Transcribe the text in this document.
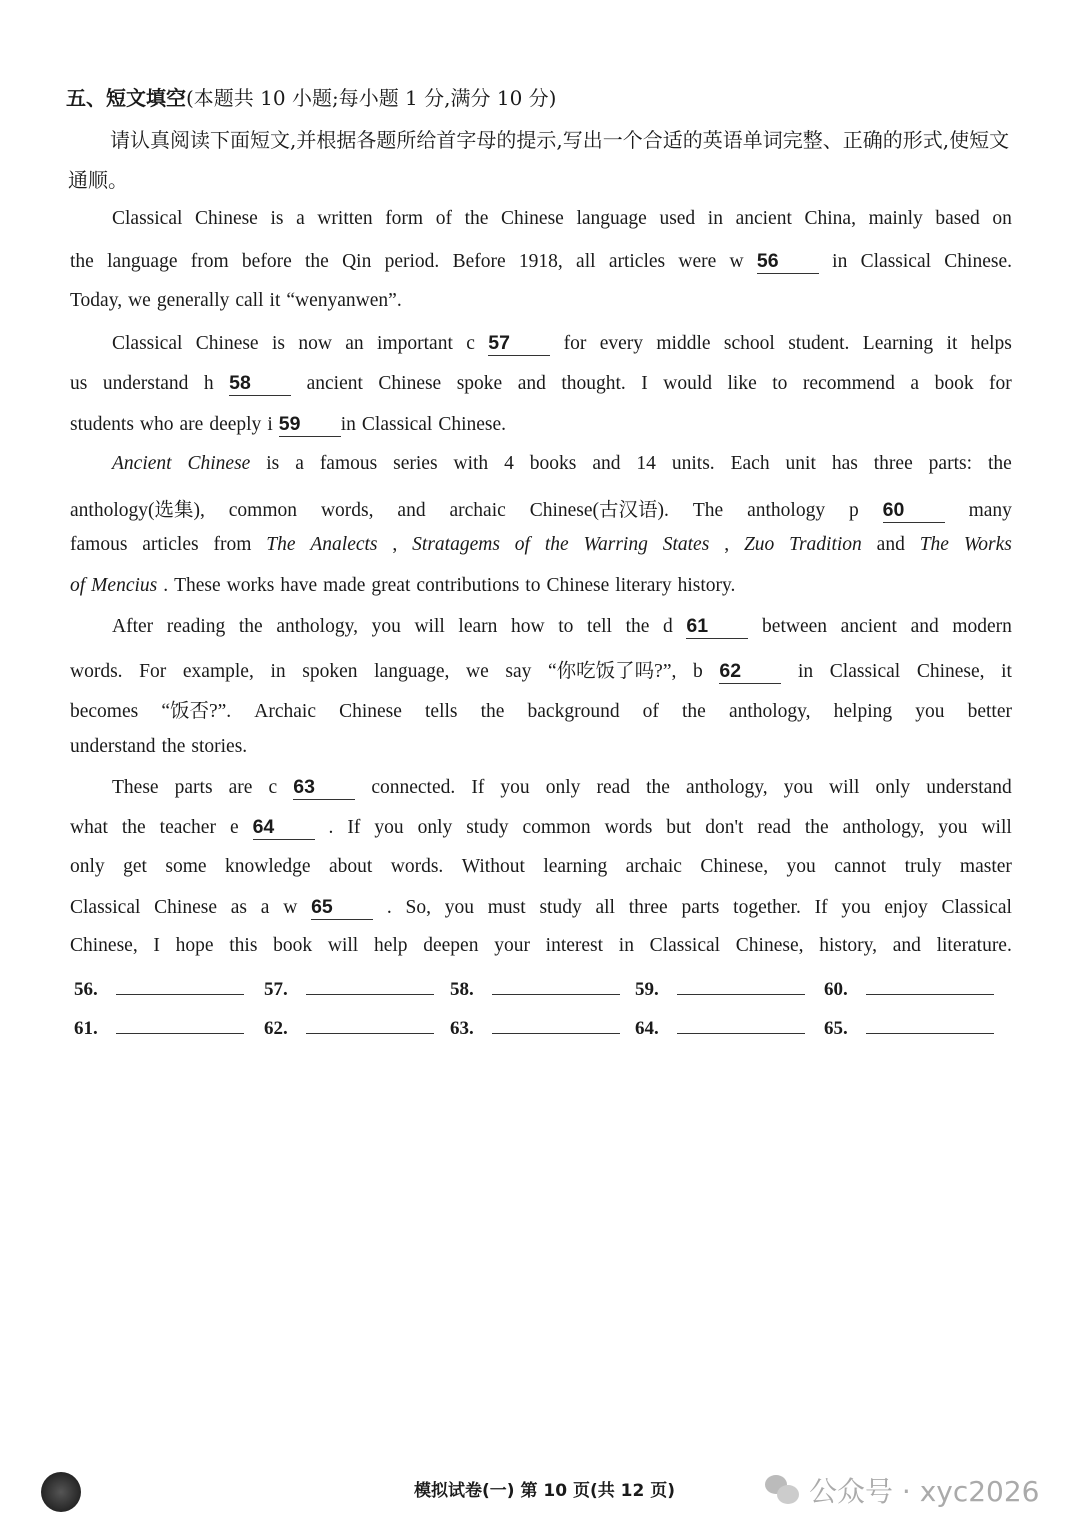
五、短文填空(本题共 10 小题;每小题 1 分,满分 10 分)
请认真阅读下面短文,并根据各题所给首字母的提示,写出一个合适的英语单词完整、正确的形式,使短文通顺。
Classical Chinese is a written form of the Chinese language used in ancient China, mainly based on
the language from before the Qin period. Before 1918, all articles were w 56	in Classical Chinese.
Today, we generally call it “wenyanwen”.
Classical Chinese is now an important c 57	for every middle school student. Learning it helps
us understand h 58	ancient Chinese spoke and thought. I would like to recommend a book for
students who are deeply i 59	in Classical Chinese.
Ancient Chinese is a famous series with 4 books and 14 units. Each unit has three parts: the
anthology(选集), common words, and archaic Chinese(古汉语). The anthology p 60	many
famous articles from The Analects , Stratagems of the Warring States , Zuo Tradition and The Works
of Mencius . These works have made great contributions to Chinese literary history.
After reading the anthology, you will learn how to tell the d 61	between ancient and modern
words. For example, in spoken language, we say “你吃饭了吗?”, b 62	in Classical Chinese, it
becomes “饭否?”. Archaic Chinese tells the background of the anthology, helping you better
understand the stories.
These parts are c 63	connected. If you only read the anthology, you will only understand
what the teacher e 64	. If you only study common words but don't read the anthology, you will
only get some knowledge about words. Without learning archaic Chinese, you cannot truly master
Classical Chinese as a w 65	. So, you must study all three parts together. If you enjoy Classical
Chinese, I hope this book will help deepen your interest in Classical Chinese, history, and literature.
56.	57.	58.	59.	60.
61.	62.	63.	64.	65.
模拟试卷(一) 第 10 页(共 12 页)	公众号 · xyc2026
